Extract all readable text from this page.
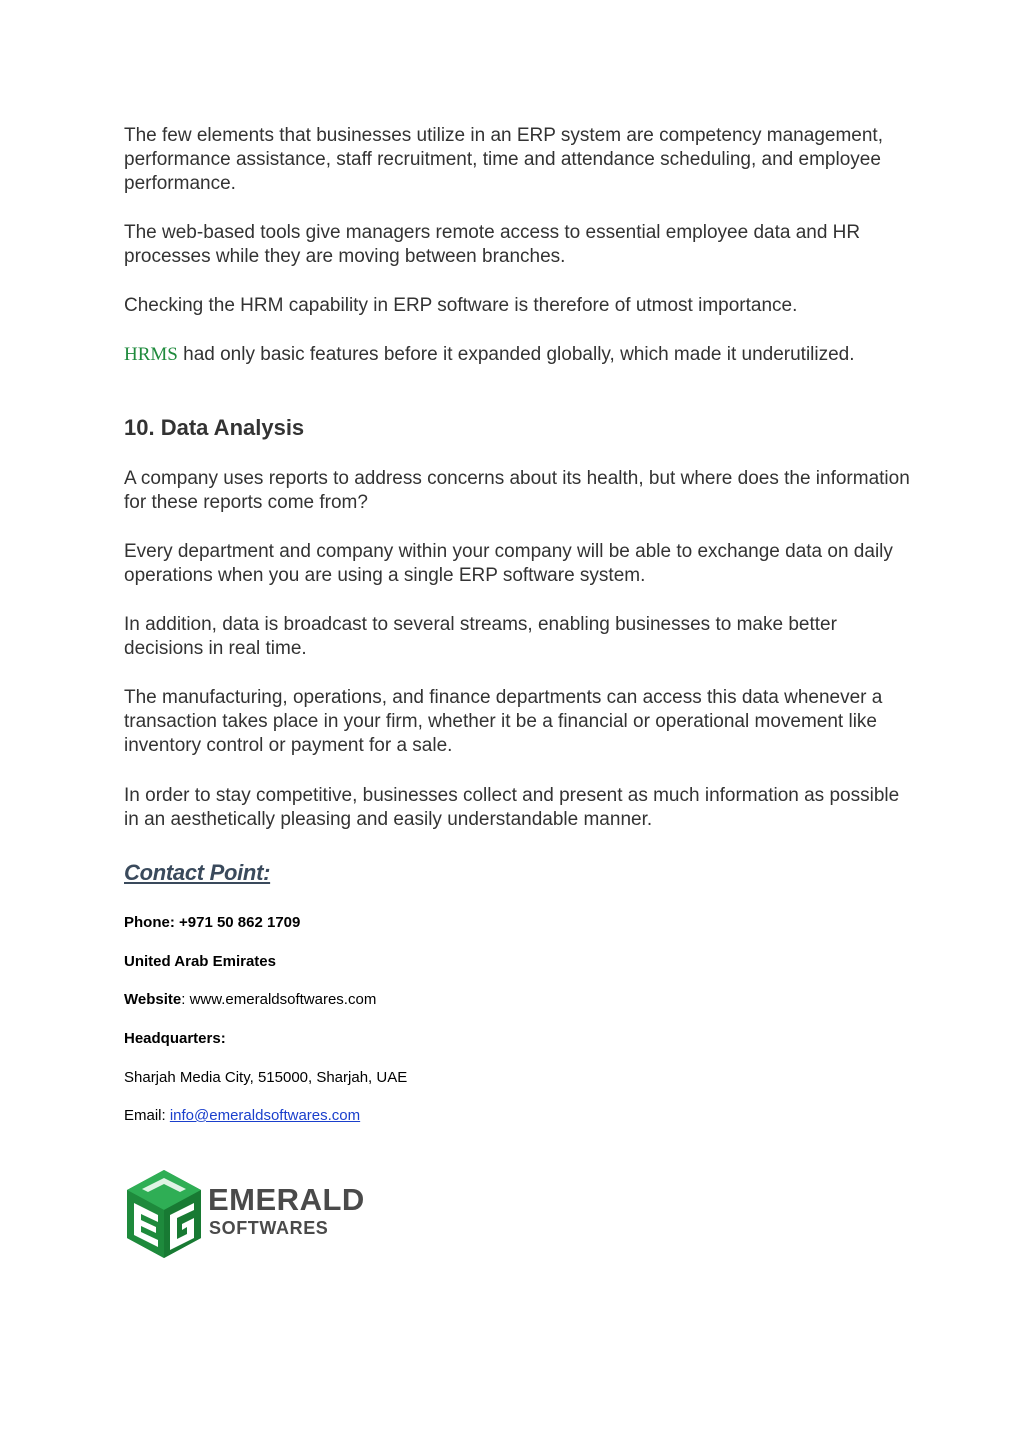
The few elements that businesses utilize in an ERP system are competency management, performance assistance, staff recruitment, time and attendance scheduling, and employee performance.

The web-based tools give managers remote access to essential employee data and HR processes while they are moving between branches.

Checking the HRM capability in ERP software is therefore of utmost importance.

HRMS had only basic features before it expanded globally, which made it underutilized.

10. Data Analysis

A company uses reports to address concerns about its health, but where does the information for these reports come from?

Every department and company within your company will be able to exchange data on daily operations when you are using a single ERP software system.

In addition, data is broadcast to several streams, enabling businesses to make better decisions in real time.

The manufacturing, operations, and finance departments can access this data whenever a transaction takes place in your firm, whether it be a financial or operational movement like inventory control or payment for a sale.

In order to stay competitive, businesses collect and present as much information as possible in an aesthetically pleasing and easily understandable manner.

Contact Point:

Phone: +971 50 862 1709

United Arab Emirates

Website: www.emeraldsoftwares.com

Headquarters:

Sharjah Media City, 515000, Sharjah, UAE

Email: info@emeraldsoftwares.com

EMERALD
SOFTWARES
